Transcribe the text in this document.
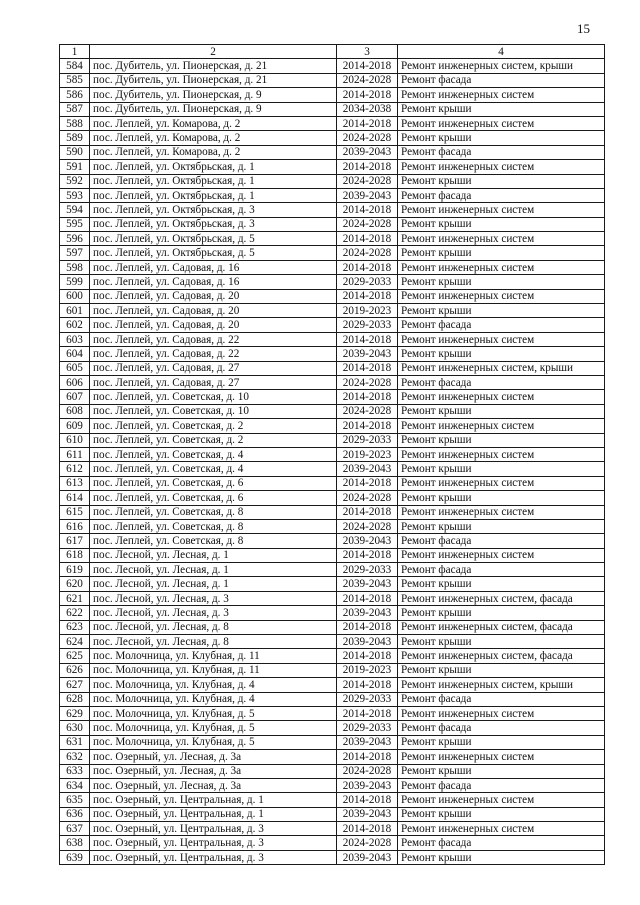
15
1	2	3	4
584	пос. Дубитель, ул. Пионерская, д. 21	2014-2018	Ремонт инженерных систем, крыши
585	пос. Дубитель, ул. Пионерская, д. 21	2024-2028	Ремонт фасада
586	пос. Дубитель, ул. Пионерская, д. 9	2014-2018	Ремонт инженерных систем
587	пос. Дубитель, ул. Пионерская, д. 9	2034-2038	Ремонт крыши
588	пос. Леплей, ул. Комарова, д. 2	2014-2018	Ремонт инженерных систем
589	пос. Леплей, ул. Комарова, д. 2	2024-2028	Ремонт крыши
590	пос. Леплей, ул. Комарова, д. 2	2039-2043	Ремонт фасада
591	пос. Леплей, ул. Октябрьская, д. 1	2014-2018	Ремонт инженерных систем
592	пос. Леплей, ул. Октябрьская, д. 1	2024-2028	Ремонт крыши
593	пос. Леплей, ул. Октябрьская, д. 1	2039-2043	Ремонт фасада
594	пос. Леплей, ул. Октябрьская, д. 3	2014-2018	Ремонт инженерных систем
595	пос. Леплей, ул. Октябрьская, д. 3	2024-2028	Ремонт крыши
596	пос. Леплей, ул. Октябрьская, д. 5	2014-2018	Ремонт инженерных систем
597	пос. Леплей, ул. Октябрьская, д. 5	2024-2028	Ремонт крыши
598	пос. Леплей, ул. Садовая, д. 16	2014-2018	Ремонт инженерных систем
599	пос. Леплей, ул. Садовая, д. 16	2029-2033	Ремонт крыши
600	пос. Леплей, ул. Садовая, д. 20	2014-2018	Ремонт инженерных систем
601	пос. Леплей, ул. Садовая, д. 20	2019-2023	Ремонт крыши
602	пос. Леплей, ул. Садовая, д. 20	2029-2033	Ремонт фасада
603	пос. Леплей, ул. Садовая, д. 22	2014-2018	Ремонт инженерных систем
604	пос. Леплей, ул. Садовая, д. 22	2039-2043	Ремонт крыши
605	пос. Леплей, ул. Садовая, д. 27	2014-2018	Ремонт инженерных систем, крыши
606	пос. Леплей, ул. Садовая, д. 27	2024-2028	Ремонт фасада
607	пос. Леплей, ул. Советская, д. 10	2014-2018	Ремонт инженерных систем
608	пос. Леплей, ул. Советская, д. 10	2024-2028	Ремонт крыши
609	пос. Леплей, ул. Советская, д. 2	2014-2018	Ремонт инженерных систем
610	пос. Леплей, ул. Советская, д. 2	2029-2033	Ремонт крыши
611	пос. Леплей, ул. Советская, д. 4	2019-2023	Ремонт инженерных систем
612	пос. Леплей, ул. Советская, д. 4	2039-2043	Ремонт крыши
613	пос. Леплей, ул. Советская, д. 6	2014-2018	Ремонт инженерных систем
614	пос. Леплей, ул. Советская, д. 6	2024-2028	Ремонт крыши
615	пос. Леплей, ул. Советская, д. 8	2014-2018	Ремонт инженерных систем
616	пос. Леплей, ул. Советская, д. 8	2024-2028	Ремонт крыши
617	пос. Леплей, ул. Советская, д. 8	2039-2043	Ремонт фасада
618	пос. Лесной, ул. Лесная, д. 1	2014-2018	Ремонт инженерных систем
619	пос. Лесной, ул. Лесная, д. 1	2029-2033	Ремонт фасада
620	пос. Лесной, ул. Лесная, д. 1	2039-2043	Ремонт крыши
621	пос. Лесной, ул. Лесная, д. 3	2014-2018	Ремонт инженерных систем, фасада
622	пос. Лесной, ул. Лесная, д. 3	2039-2043	Ремонт крыши
623	пос. Лесной, ул. Лесная, д. 8	2014-2018	Ремонт инженерных систем, фасада
624	пос. Лесной, ул. Лесная, д. 8	2039-2043	Ремонт крыши
625	пос. Молочница, ул. Клубная, д. 11	2014-2018	Ремонт инженерных систем, фасада
626	пос. Молочница, ул. Клубная, д. 11	2019-2023	Ремонт крыши
627	пос. Молочница, ул. Клубная, д. 4	2014-2018	Ремонт инженерных систем, крыши
628	пос. Молочница, ул. Клубная, д. 4	2029-2033	Ремонт фасада
629	пос. Молочница, ул. Клубная, д. 5	2014-2018	Ремонт инженерных систем
630	пос. Молочница, ул. Клубная, д. 5	2029-2033	Ремонт фасада
631	пос. Молочница, ул. Клубная, д. 5	2039-2043	Ремонт крыши
632	пос. Озерный, ул. Лесная, д. 3а	2014-2018	Ремонт инженерных систем
633	пос. Озерный, ул. Лесная, д. 3а	2024-2028	Ремонт крыши
634	пос. Озерный, ул. Лесная, д. 3а	2039-2043	Ремонт фасада
635	пос. Озерный, ул. Центральная, д. 1	2014-2018	Ремонт инженерных систем
636	пос. Озерный, ул. Центральная, д. 1	2039-2043	Ремонт крыши
637	пос. Озерный, ул. Центральная, д. 3	2014-2018	Ремонт инженерных систем
638	пос. Озерный, ул. Центральная, д. 3	2024-2028	Ремонт фасада
639	пос. Озерный, ул. Центральная, д. 3	2039-2043	Ремонт крыши
